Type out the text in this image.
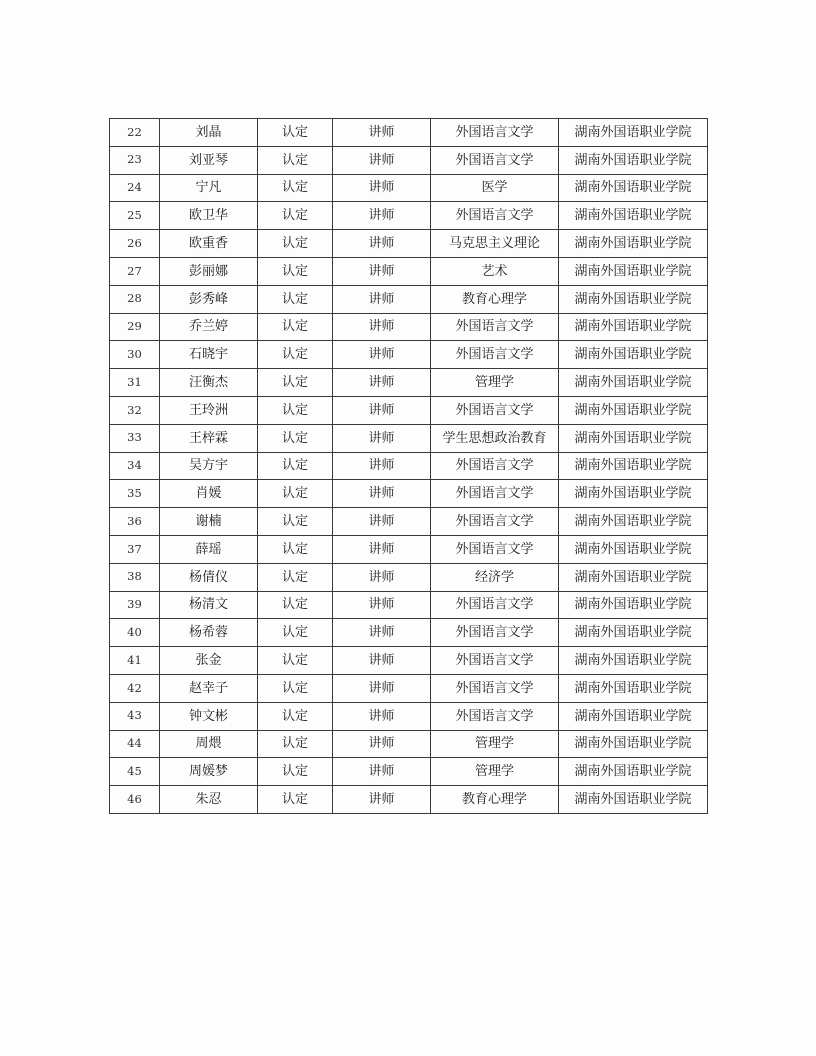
22	刘晶	认定	讲师	外国语言文学	湖南外国语职业学院
23	刘亚琴	认定	讲师	外国语言文学	湖南外国语职业学院
24	宁凡	认定	讲师	医学	湖南外国语职业学院
25	欧卫华	认定	讲师	外国语言文学	湖南外国语职业学院
26	欧重香	认定	讲师	马克思主义理论	湖南外国语职业学院
27	彭丽娜	认定	讲师	艺术	湖南外国语职业学院
28	彭秀峰	认定	讲师	教育心理学	湖南外国语职业学院
29	乔兰婷	认定	讲师	外国语言文学	湖南外国语职业学院
30	石晓宇	认定	讲师	外国语言文学	湖南外国语职业学院
31	汪衡杰	认定	讲师	管理学	湖南外国语职业学院
32	王玲洲	认定	讲师	外国语言文学	湖南外国语职业学院
33	王梓霖	认定	讲师	学生思想政治教育	湖南外国语职业学院
34	吴方宇	认定	讲师	外国语言文学	湖南外国语职业学院
35	肖媛	认定	讲师	外国语言文学	湖南外国语职业学院
36	谢楠	认定	讲师	外国语言文学	湖南外国语职业学院
37	薛瑶	认定	讲师	外国语言文学	湖南外国语职业学院
38	杨倩仪	认定	讲师	经济学	湖南外国语职业学院
39	杨清文	认定	讲师	外国语言文学	湖南外国语职业学院
40	杨希蓉	认定	讲师	外国语言文学	湖南外国语职业学院
41	张金	认定	讲师	外国语言文学	湖南外国语职业学院
42	赵幸子	认定	讲师	外国语言文学	湖南外国语职业学院
43	钟文彬	认定	讲师	外国语言文学	湖南外国语职业学院
44	周煨	认定	讲师	管理学	湖南外国语职业学院
45	周媛梦	认定	讲师	管理学	湖南外国语职业学院
46	朱忍	认定	讲师	教育心理学	湖南外国语职业学院
